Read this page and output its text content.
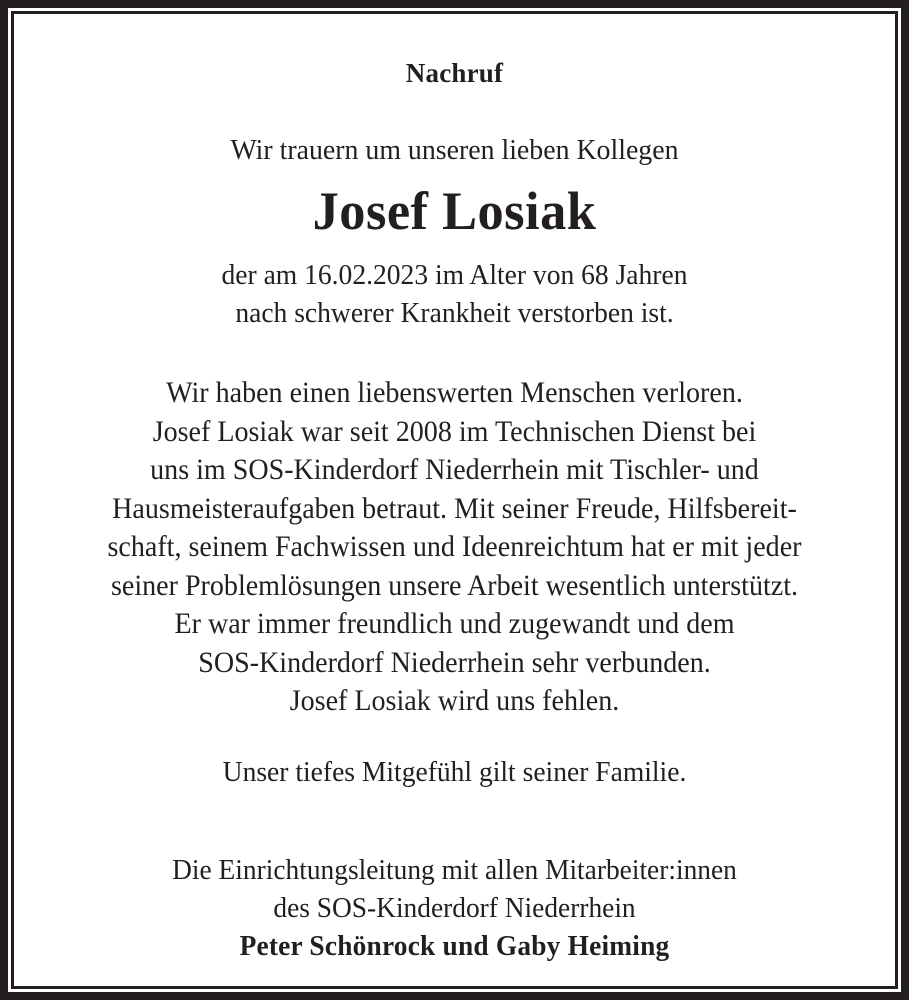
Nachruf
Wir trauern um unseren lieben Kollegen
Josef Losiak
der am 16.02.2023 im Alter von 68 Jahren
nach schwerer Krankheit verstorben ist.
Wir haben einen liebenswerten Menschen verloren.
Josef Losiak war seit 2008 im Technischen Dienst bei
uns im SOS-Kinderdorf Niederrhein mit Tischler- und
Hausmeisteraufgaben betraut. Mit seiner Freude, Hilfsbereit-
schaft, seinem Fachwissen und Ideenreichtum hat er mit jeder
seiner Problemlösungen unsere Arbeit wesentlich unterstützt.
Er war immer freundlich und zugewandt und dem
SOS-Kinderdorf Niederrhein sehr verbunden.
Josef Losiak wird uns fehlen.
Unser tiefes Mitgefühl gilt seiner Familie.
Die Einrichtungsleitung mit allen Mitarbeiter:innen
des SOS-Kinderdorf Niederrhein
Peter Schönrock und Gaby Heiming
